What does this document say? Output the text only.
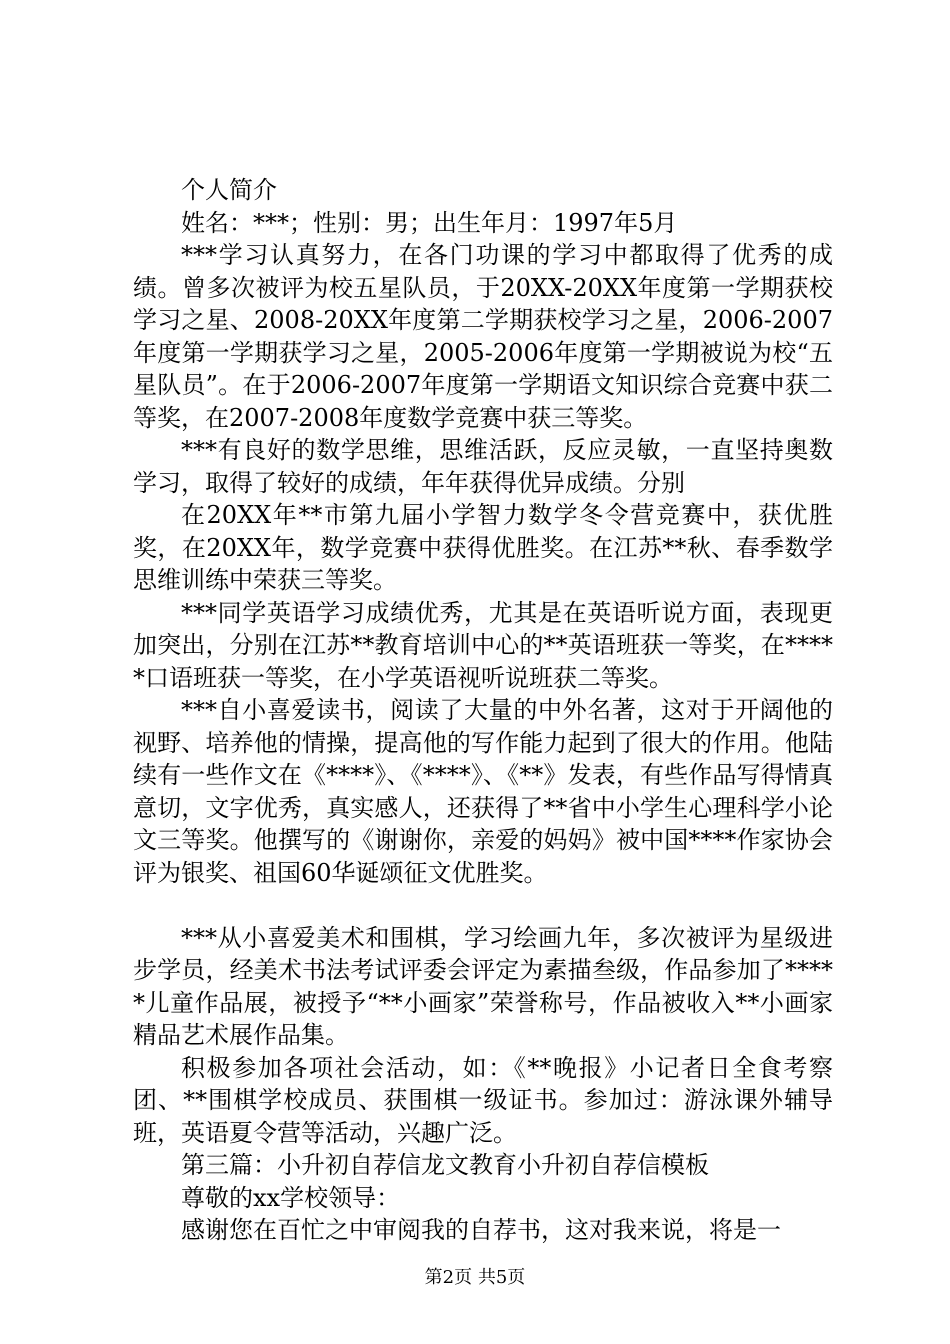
个人简介

姓名：***；性别：男；出生年月：1997年5月

***学习认真努力，在各门功课的学习中都取得了优秀的成绩。曾多次被评为校五星队员，于20XX-20XX年度第一学期获校学习之星、2008-20XX年度第二学期获校学习之星，2006-2007年度第一学期获学习之星，2005-2006年度第一学期被说为校“五星队员”。在于2006-2007年度第一学期语文知识综合竞赛中获二等奖，在2007-2008年度数学竞赛中获三等奖。

***有良好的数学思维，思维活跃，反应灵敏，一直坚持奥数学习，取得了较好的成绩，年年获得优异成绩。分别

在20XX年**市第九届小学智力数学冬令营竞赛中，获优胜奖，在20XX年，数学竞赛中获得优胜奖。在江苏**秋、春季数学思维训练中荣获三等奖。

***同学英语学习成绩优秀，尤其是在英语听说方面，表现更加突出，分别在江苏**教育培训中心的**英语班获一等奖，在*****口语班获一等奖，在小学英语视听说班获二等奖。

***自小喜爱读书，阅读了大量的中外名著，这对于开阔他的视野、培养他的情操，提高他的写作能力起到了很大的作用。他陆续有一些作文在《****》、《****》、《**》发表，有些作品写得情真意切，文字优秀，真实感人，还获得了**省中小学生心理科学小论文三等奖。他撰写的《谢谢你，亲爱的妈妈》被中国****作家协会评为银奖、祖国60华诞颂征文优胜奖。

***从小喜爱美术和围棋，学习绘画九年，多次被评为星级进步学员，经美术书法考试评委会评定为素描叁级，作品参加了*****儿童作品展，被授予“**小画家”荣誉称号，作品被收入**小画家精品艺术展作品集。

积极参加各项社会活动，如：《**晚报》小记者日全食考察团、**围棋学校成员、获围棋一级证书。参加过：游泳课外辅导班，英语夏令营等活动，兴趣广泛。

第三篇：小升初自荐信龙文教育小升初自荐信模板

尊敬的xx学校领导：

感谢您在百忙之中审阅我的自荐书，这对我来说，将是一

第2页 共5页
